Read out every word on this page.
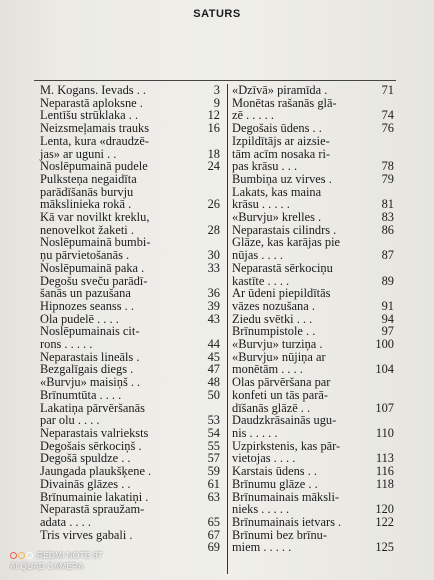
SATURS
M. Kogans. Ievads . .	3
Neparastā aploksne .	9
Lentīšu strūklaka . .	12
Neizsmeļamais trauks	16
Lenta, kura «draudzē-
jas» ar uguni . .	18
Noslēpumainā pudele	24
Pulksteņa negaidīta
parādīšanās burvju
mākslinieka rokā .	26
Kā var novilkt kreklu,
nenovelkot žaketi .	28
Noslēpumainā bumbi-
ņu pārvietošanās .	30
Noslēpumainā paka .	33
Degošu sveču parādī-
šanās un pazušana	36
Hipnozes seanss . .	39
Ola pudelē . . . .	43
Noslēpumainais cit-
rons . . . . .	44
Neparastais lineāls .	45
Bezgalīgais diegs .	47
«Burvju» maisiņš . .	48
Brīnumtūta . . . .	50
Lakatiņa pārvēršanās
par olu . . . .	53
Neparastais valrieksts	54
Degošais sērkociņš .	55
Degošā spuldze . .	57
Jaungada plaukšķene .	59
Divainās glāzes . .	61
Brīnumainie lakatiņi .	63
Neparastā spraužam-
adata . . . .	65
Tris virves gabali .	67
69
«Dzīvā» piramīda .	71
Monētas rašanās glā-
zē . . . . .	74
Degošais ūdens . .	76
Izpildītājs ar aizsie-
tām acīm nosaka ri-
pas krāsu . . .	78
Bumbiņa uz virves .	79
Lakats, kas maina
krāsu . . . . .	81
«Burvju» krelles .	83
Neparastais cilindrs .	86
Glāze, kas karājas pie
nūjas . . . .	87
Neparastā sērkociņu
kastīte . . . .	89
Ar ūdeni piepildītās
vāzes nozušana .	91
Ziedu svētki . . .	94
Brīnumpistole . .	97
«Burvju» turziņa .	100
«Burvju» nūjiņa ar
monētām . . . .	104
Olas pārvēršana par
konfeti un tās parā-
dīšanās glāzē . .	107
Daudzkrāsainās ugu-
nis . . . . .	110
Uzpirkstenis, kas pār-
vietojas . . . .	113
Karstais ūdens . .	116
Brīnumu glāze . .	118
Brīnumainais māksli-
nieks . . . . .	120
Brīnumainais ietvars .	122
Brīnumi bez brīnu-
miem . . . . .	125
REDMI NOTE 8T
AI QUAD CAMERA
